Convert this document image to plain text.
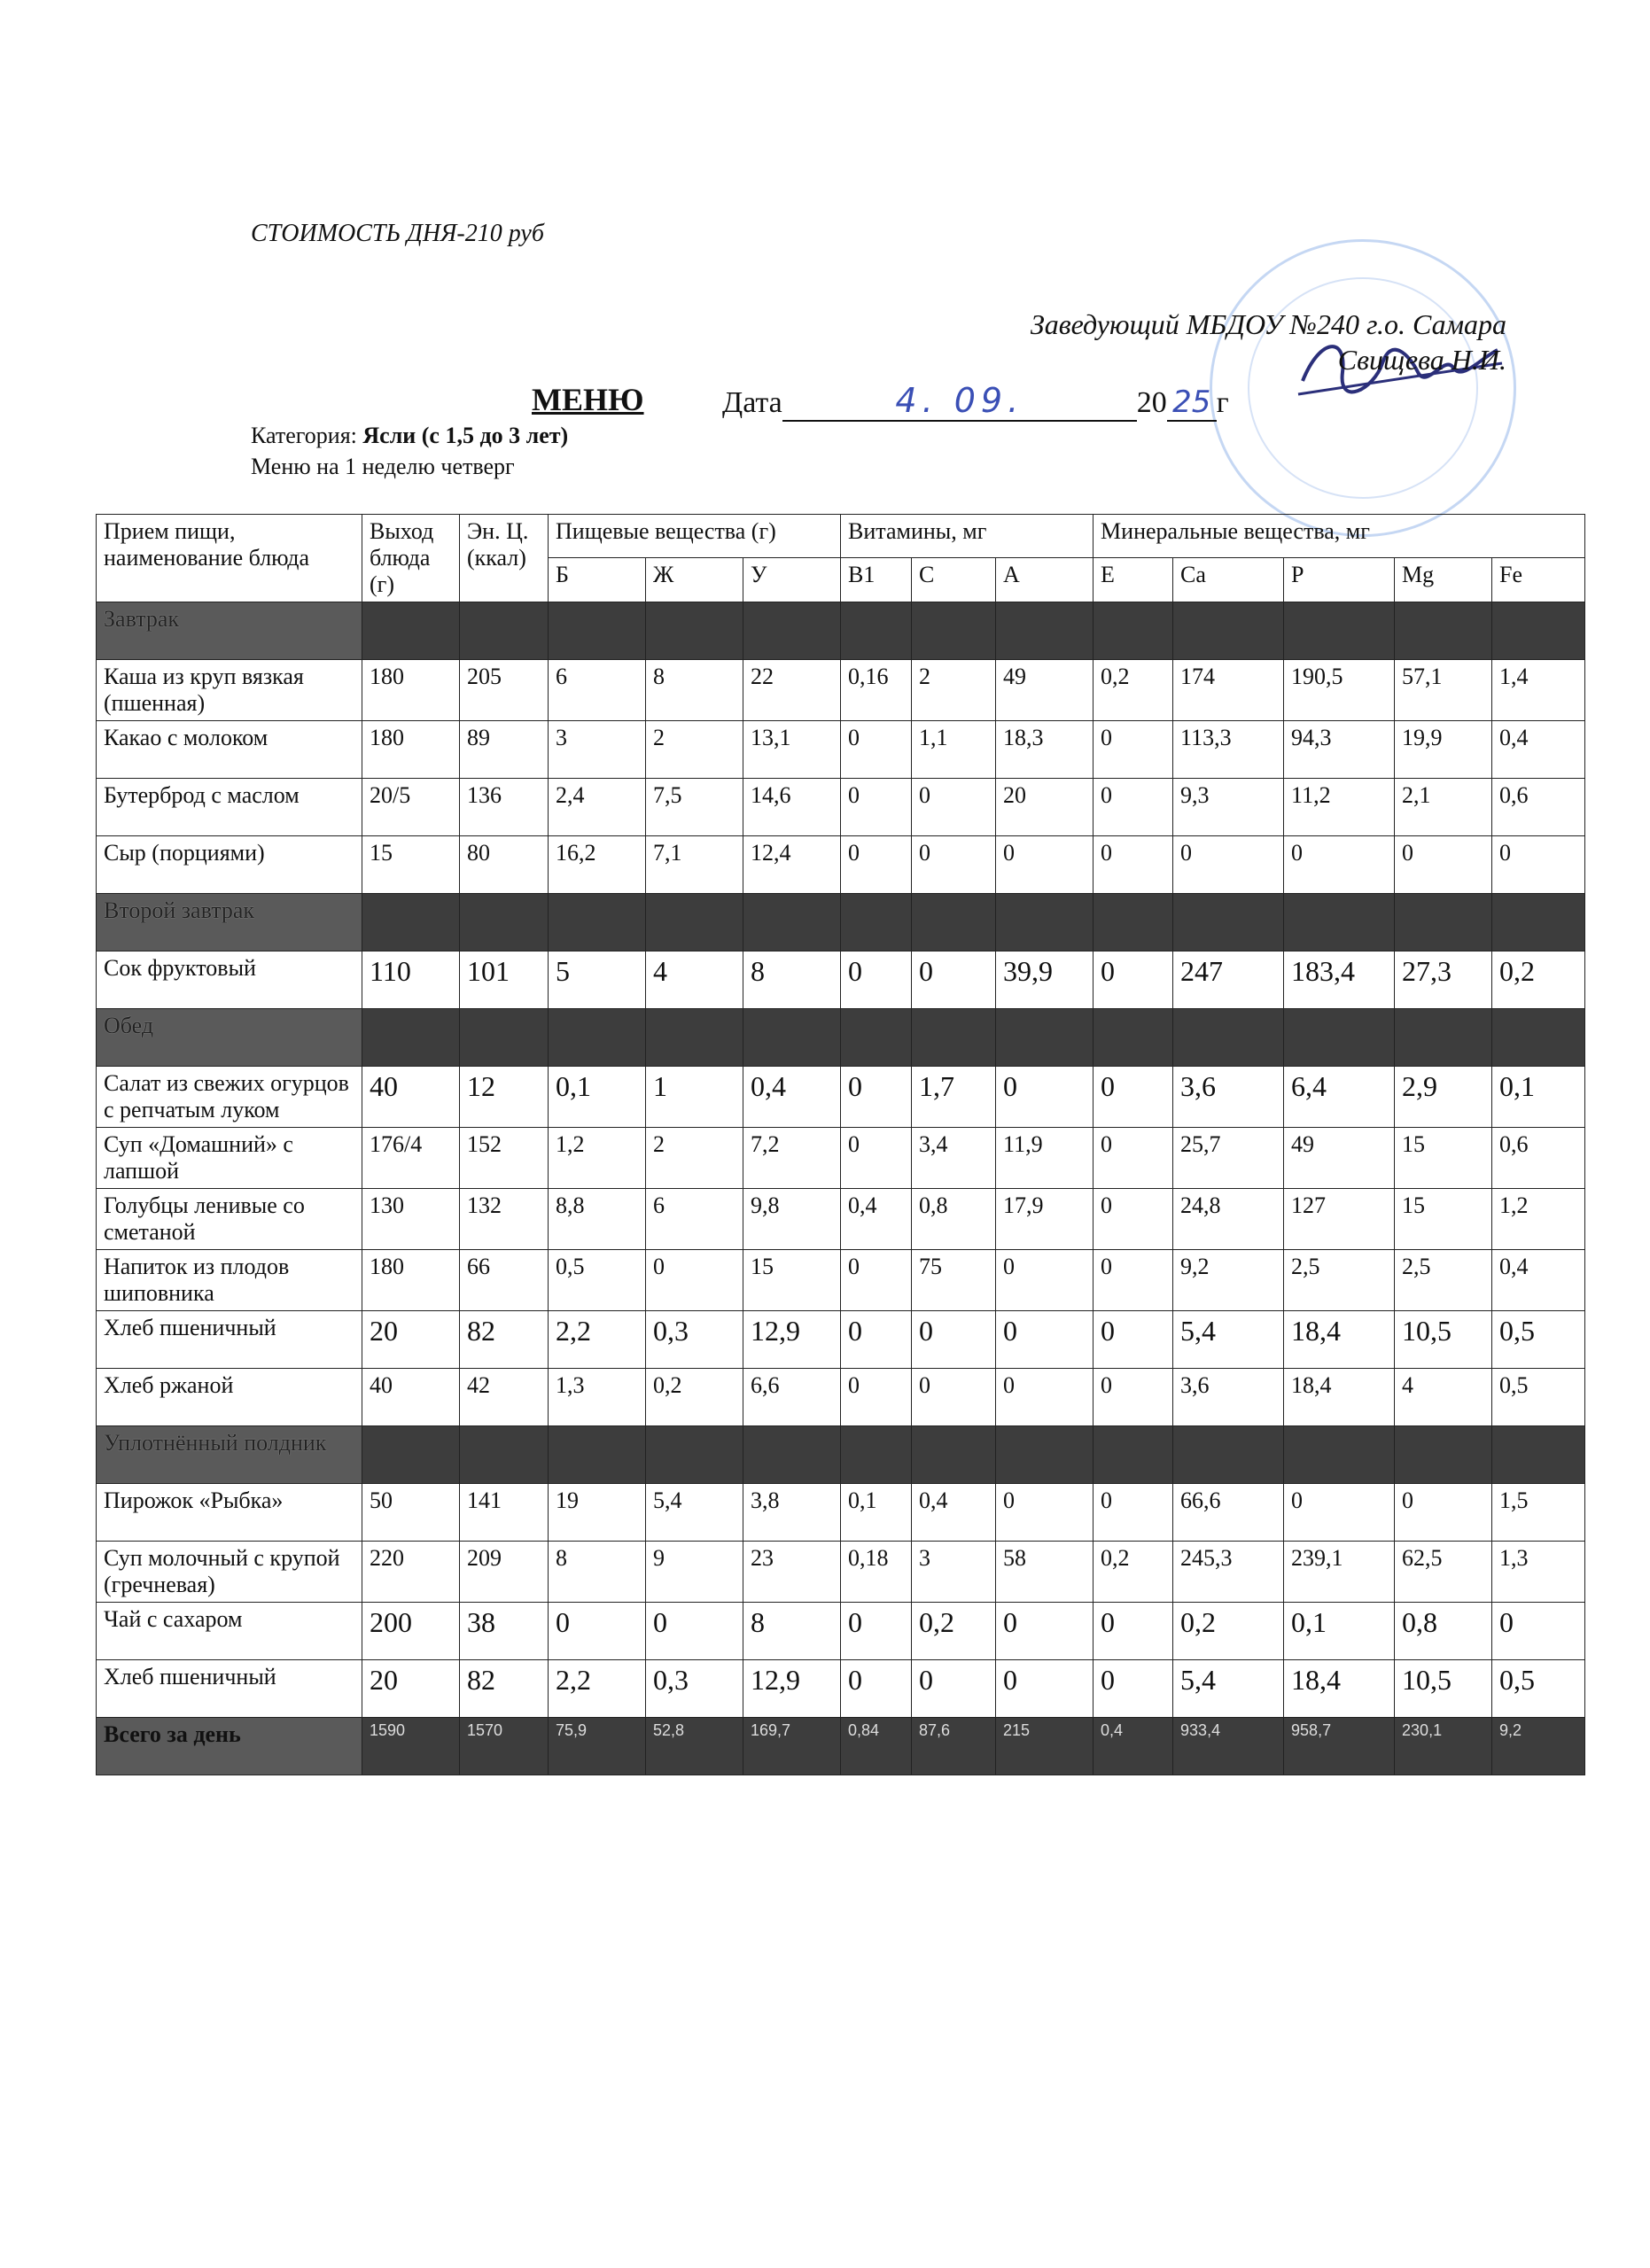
СТОИМОСТЬ ДНЯ-210 руб
Заведующий МБДОУ №240 г.о. Самара
Свищева Н.И.
МЕНЮ	Дата	4. 09.	20 25 г
Категория: Ясли (с 1,5 до 3 лет)
Меню на 1 неделю четверг
Прием пищи, наименование блюда	Выход блюда (г)	Эн. Ц.(ккал)	Пищевые вещества (г)			Витамины, мг			Минеральные вещества, мг				
			Б	Ж	У	В1	С	А	Е	Са	Р	Mg	Fe
Завтрак													
Каша из круп вязкая (пшенная)	180	205	6	8	22	0,16	2	49	0,2	174	190,5	57,1	1,4
Какао с молоком	180	89	3	2	13,1	0	1,1	18,3	0	113,3	94,3	19,9	0,4
Бутерброд с маслом	20/5	136	2,4	7,5	14,6	0	0	20	0	9,3	11,2	2,1	0,6
Сыр (порциями)	15	80	16,2	7,1	12,4	0	0	0	0	0	0	0	0
Второй завтрак													
Сок фруктовый	110	101	5	4	8	0	0	39,9	0	247	183,4	27,3	0,2
Обед													
Салат из свежих огурцов с репчатым луком	40	12	0,1	1	0,4	0	1,7	0	0	3,6	6,4	2,9	0,1
Суп «Домашний» с лапшой	176/4	152	1,2	2	7,2	0	3,4	11,9	0	25,7	49	15	0,6
Голубцы ленивые со сметаной	130	132	8,8	6	9,8	0,4	0,8	17,9	0	24,8	127	15	1,2
Напиток из плодов шиповника	180	66	0,5	0	15	0	75	0	0	9,2	2,5	2,5	0,4
Хлеб пшеничный	20	82	2,2	0,3	12,9	0	0	0	0	5,4	18,4	10,5	0,5
Хлеб ржаной	40	42	1,3	0,2	6,6	0	0	0	0	3,6	18,4	4	0,5
Уплотнённый полдник													
Пирожок «Рыбка»	50	141	19	5,4	3,8	0,1	0,4	0	0	66,6	0	0	1,5
Суп молочный с крупой (гречневая)	220	209	8	9	23	0,18	3	58	0,2	245,3	239,1	62,5	1,3
Чай с сахаром	200	38	0	0	8	0	0,2	0	0	0,2	0,1	0,8	0
Хлеб пшеничный	20	82	2,2	0,3	12,9	0	0	0	0	5,4	18,4	10,5	0,5
Всего за день	1590	1570	75,9	52,8	169,7	0,84	87,6	215	0,4	933,4	958,7	230,1	9,2
